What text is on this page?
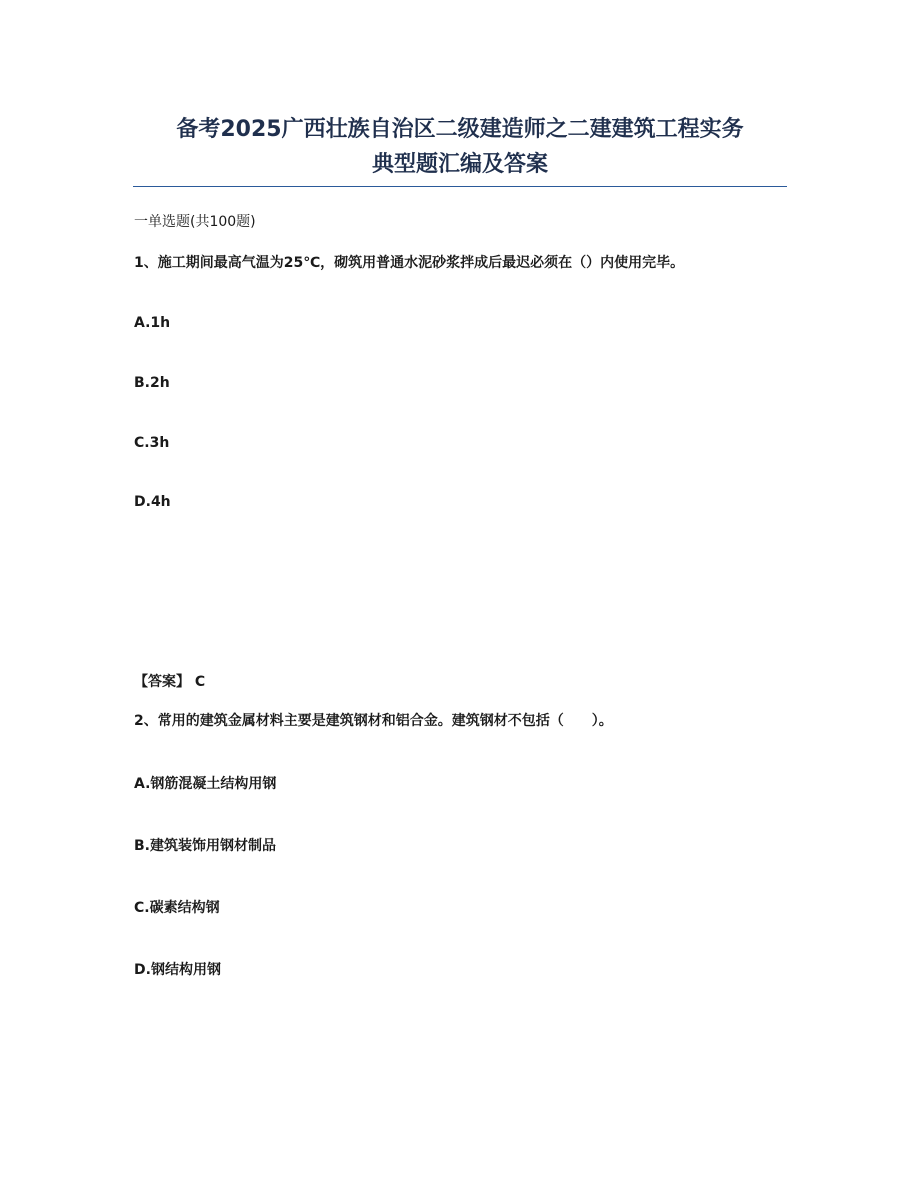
备考2025广西壮族自治区二级建造师之二建建筑工程实务
典型题汇编及答案
一单选题(共100题)
1、施工期间最高气温为25℃，砌筑用普通水泥砂浆拌成后最迟必须在（）内使用完毕。
A.1h
B.2h
C.3h
D.4h
【答案】 C
2、常用的建筑金属材料主要是建筑钢材和铝合金。建筑钢材不包括（　　）。
A.钢筋混凝土结构用钢
B.建筑装饰用钢材制品
C.碳素结构钢
D.钢结构用钢
